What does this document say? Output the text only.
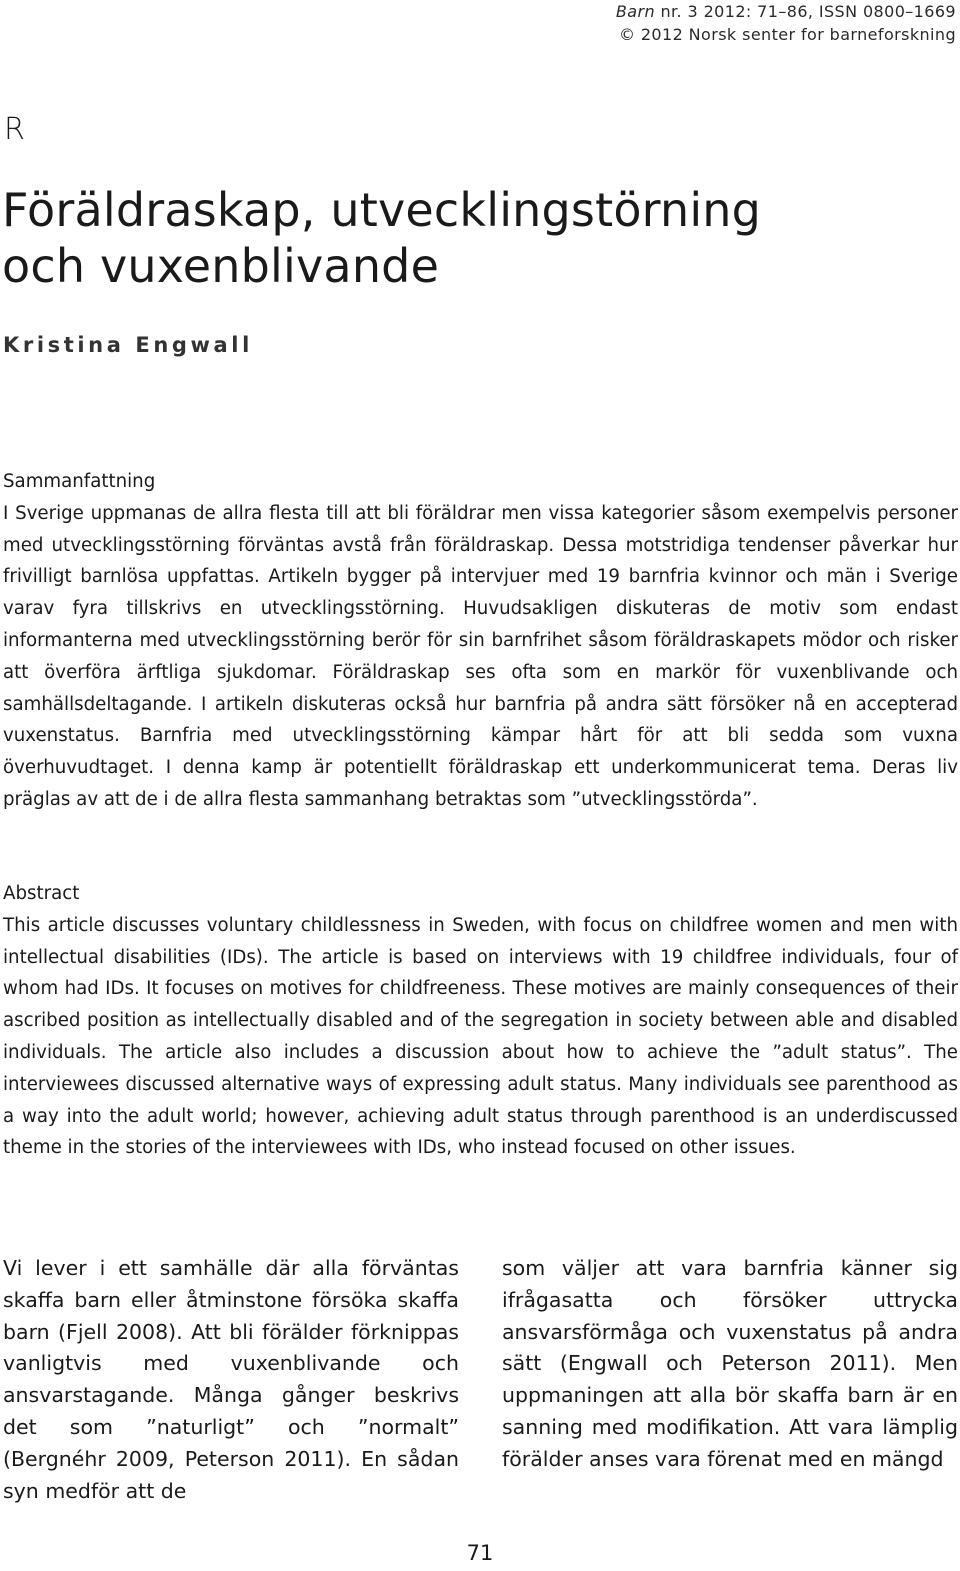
Barn nr. 3 2012: 71–86, ISSN 0800–1669
© 2012 Norsk senter for barneforskning
R
Föräldraskap, utvecklingstörning
och vuxenblivande
Kristina Engwall
Sammanfattning

I Sverige uppmanas de allra flesta till att bli föräldrar men vissa kategorier såsom exempelvis personer med utvecklingsstörning förväntas avstå från föräldraskap. Dessa motstridiga tendenser påverkar hur frivilligt barnlösa uppfattas. Artikeln bygger på intervjuer med 19 barnfria kvinnor och män i Sverige varav fyra tillskrivs en utvecklingsstörning. Huvudsakligen diskuteras de motiv som endast informanterna med utvecklingsstörning berör för sin barnfrihet såsom föräldraskapets mödor och risker att överföra ärftliga sjukdomar. Föräldraskap ses ofta som en markör för vuxenblivande och samhällsdeltagande. I artikeln diskuteras också hur barnfria på andra sätt försöker nå en accepterad vuxenstatus. Barnfria med utvecklingsstörning kämpar hårt för att bli sedda som vuxna överhuvudtaget. I denna kamp är potentiellt föräldraskap ett underkommunicerat tema. Deras liv präglas av att de i de allra flesta sammanhang betraktas som ”utvecklingsstörda”.

Abstract

This article discusses voluntary childlessness in Sweden, with focus on childfree women and men with intellectual disabilities (IDs). The article is based on interviews with 19 childfree individuals, four of whom had IDs. It focuses on motives for childfreeness. These motives are mainly consequences of their ascribed position as intellectually disabled and of the segregation in society between able and disabled individuals. The article also includes a discussion about how to achieve the ”adult status”. The interviewees discussed alternative ways of expressing adult status. Many individuals see parenthood as a way into the adult world; however, achieving adult status through parenthood is an underdiscussed theme in the stories of the interviewees with IDs, who instead focused on other issues.

Vi lever i ett samhälle där alla förväntas skaffa barn eller åtminstone försöka skaffa barn (Fjell 2008). Att bli förälder förknippas vanligtvis med vuxenblivande och ansvarstagande. Många gånger beskrivs det som ”naturligt” och ”normalt” (Bergnéhr 2009, Peterson 2011). En sådan syn medför att de

som väljer att vara barnfria känner sig ifrågasatta och försöker uttrycka ansvarsförmåga och vuxenstatus på andra sätt (Engwall och Peterson 2011). Men uppmaningen att alla bör skaffa barn är en sanning med modifikation. Att vara lämplig förälder anses vara förenat med en mängd

71
